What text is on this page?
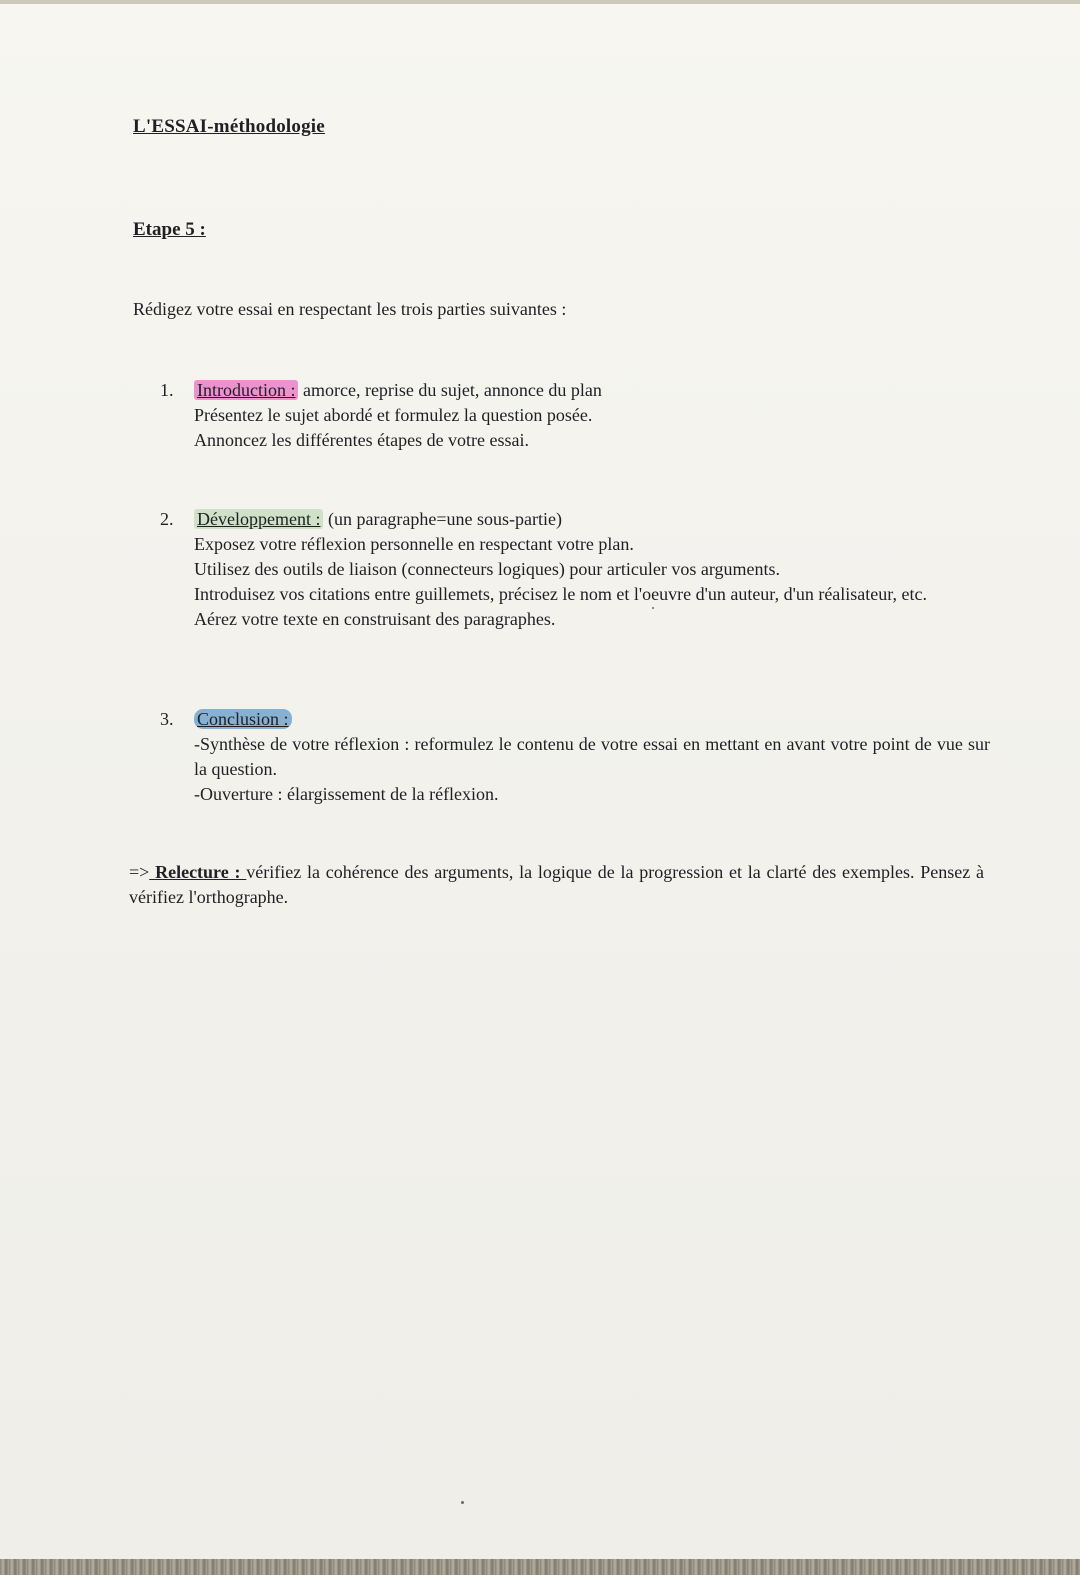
L'ESSAI-méthodologie
Etape 5 :
Rédigez votre essai en respectant les trois parties suivantes :
1.	Introduction : amorce, reprise du sujet, annonce du plan
Présentez le sujet abordé et formulez la question posée.
Annoncez les différentes étapes de votre essai.
2.	Développement : (un paragraphe=une sous-partie)
Exposez votre réflexion personnelle en respectant votre plan.
Utilisez des outils de liaison (connecteurs logiques) pour articuler vos arguments.
Introduisez vos citations entre guillemets, précisez le nom et l'oeuvre d'un auteur, d'un réalisateur, etc.
Aérez votre texte en construisant des paragraphes.
3.	Conclusion :
-Synthèse de votre réflexion : reformulez le contenu de votre essai en mettant en avant votre point de vue sur la question.
-Ouverture : élargissement de la réflexion.
=> Relecture : vérifiez la cohérence des arguments, la logique de la progression et la clarté des exemples. Pensez à vérifiez l'orthographe.
